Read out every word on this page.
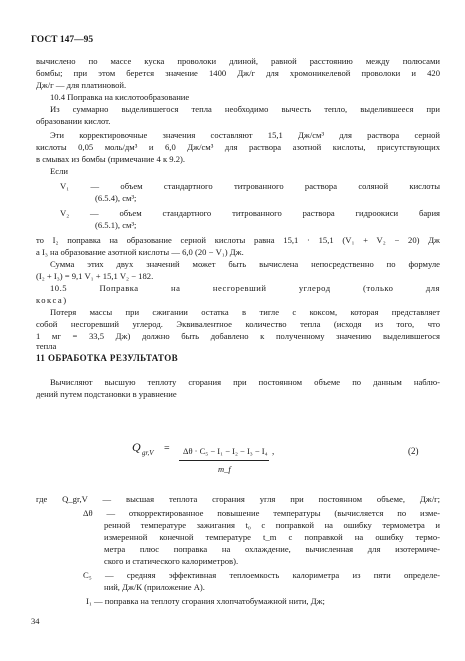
ГОСТ 147—95
вычислено по массе куска проволоки длиной, равной расстоянию между полюсами
бомбы; при этом берется значение 1400 Дж/г для хромоникелевой проволоки и 420
Дж/г — для платиновой.
10.4 Поправка на кислотообразование
Из суммарно выделившегося тепла необходимо вычесть тепло, выделившееся при
образовании кислот.
Эти корректировочные значения составляют 15,1 Дж/см³ для раствора серной
кислоты 0,05 моль/дм³ и 6,0 Дж/см³ для раствора азотной кислоты, присутствующих
в смывах из бомбы (примечание 4 к 9.2).
Если
V₁ — объем стандартного титрованного раствора соляной кислоты
(6.5.4), см³;
V₂ — объем стандартного титрованного раствора гидроокиси бария
(6.5.1), см³;
то I₂ поправка на образование серной кислоты равна 15,1 · 15,1 (V₁ + V₂ − 20) Дж
а I₃ на образование азотной кислоты — 6,0 (20 − V₁) Дж.
Сумма этих двух значений может быть вычислена непосредственно по формуле
(I₂ + I₃) = 9,1 V₁ + 15,1 V₂ − 182.
10.5 Поправка на несгоревший углерод (только для
кокса)
Потеря массы при сжигании остатка в тигле с коксом, которая представляет
собой несгоревший углерод. Эквивалентное количество тепла (исходя из того, что
1 мг = 33,5 Дж) должно быть добавлено к полученному значению выделившегося
тепла
11 ОБРАБОТКА РЕЗУЛЬТАТОВ
Вычисляют высшую теплоту сгорания при постоянном объеме по данным наблю-
дений путем подстановки в уравнение
Q gr,V = Δθ · C₅ − I₁ − I₂ − I₃ − I₄
m_f
,	(2)
где Q_gr,V — высшая теплота сгорания угля при постоянном объеме, Дж/г;
Δθ — откорректированное повышение температуры (вычисляется по изме-
ренной температуре зажигания t₀ с поправкой на ошибку термометра и
измеренной конечной температуре t_m с поправкой на ошибку термо-
метра плюс поправка на охлаждение, вычисленная для изотермиче-
ского и статического калориметров).
C₅ — средняя эффективная теплоемкость калориметра из пяти определе-
ний, Дж/К (приложение А).
I₁ — поправка на теплоту сгорания хлопчатобумажной нити, Дж;
34
